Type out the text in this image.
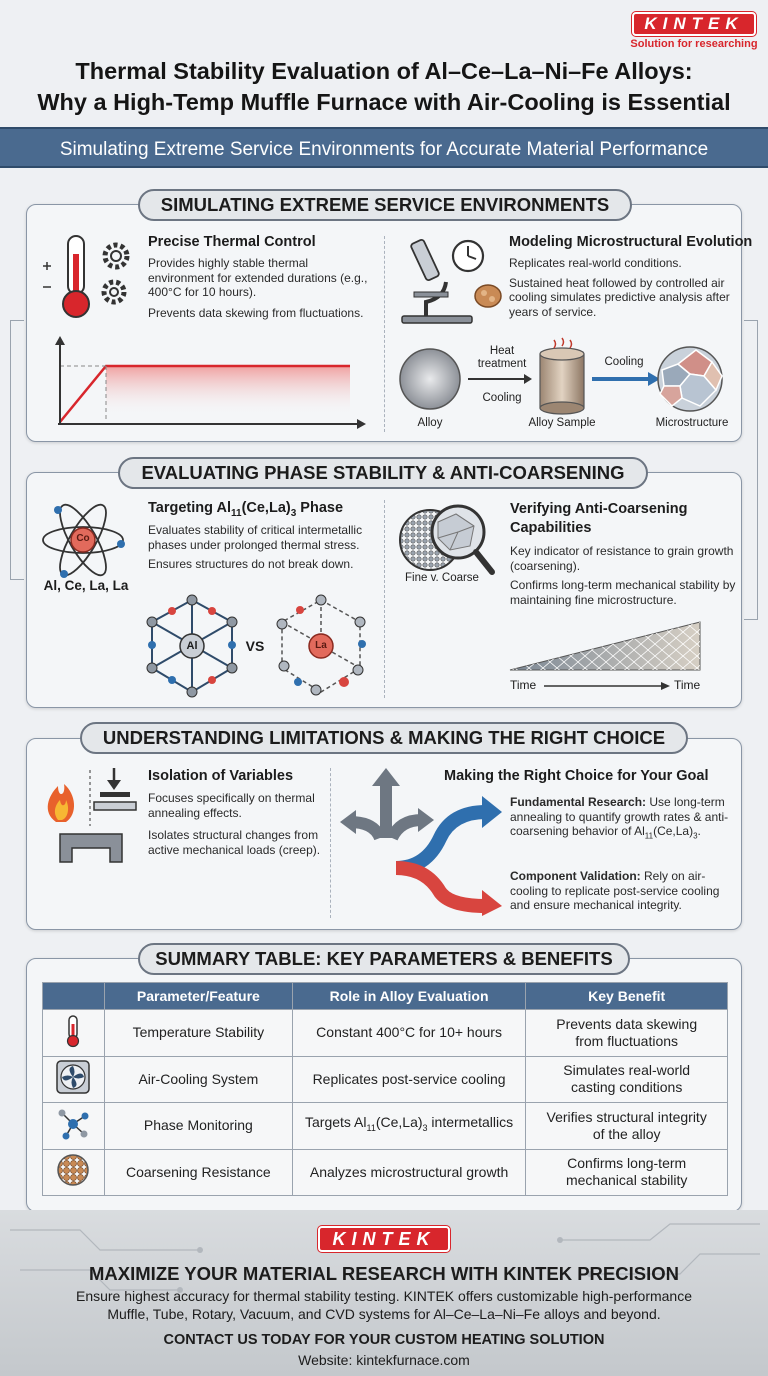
KINTEK
Solution for researching
Thermal Stability Evaluation of Al–Ce–La–Ni–Fe Alloys:
Why a High-Temp Muffle Furnace with Air-Cooling is Essential
Simulating Extreme Service Environments for Accurate Material Performance
SIMULATING EXTREME SERVICE ENVIRONMENTS
Precise Thermal Control
Provides highly stable thermal environment for extended durations (e.g., 400°C for 10 hours).
Prevents data skewing from fluctuations.
Modeling Microstructural Evolution
Replicates real-world conditions.
Sustained heat followed by controlled air cooling simulates predictive analysis after years of service.
Alloy
Heat
treatment
Cooling
Alloy Sample
Cooling
Microstructure
EVALUATING PHASE STABILITY & ANTI-COARSENING
Co
Al, Ce, La, La
Targeting $Al_{11}(Ce,La)_3$ Phase
Evaluates stability of critical intermetallic phases under prolonged thermal stress.
Ensures structures do not break down.
Al	VS	La
Fine v. Coarse
Verifying Anti-Coarsening
Capabilities
Key indicator of resistance to grain growth (coarsening).
Confirms long-term mechanical stability by maintaining fine microstructure.
Time	Time
UNDERSTANDING LIMITATIONS & MAKING THE RIGHT CHOICE
Isolation of Variables
Focuses specifically on thermal annealing effects.
Isolates structural changes from active mechanical loads (creep).
Making the Right Choice for Your Goal
Fundamental Research: Use long-term annealing to quantify growth rates & anti-coarsening behavior of $Al_{11}(Ce,La)_3$.
Component Validation: Rely on air-cooling to replicate post-service cooling and ensure mechanical integrity.
SUMMARY TABLE: KEY PARAMETERS & BENEFITS
	Parameter/Feature	Role in Alloy Evaluation	Key Benefit
	Temperature Stability	Constant 400°C for 10+ hours	Prevents data skewing
from fluctuations

	Air-Cooling System	Replicates post-service cooling	Simulates real-world
casting conditions

	Phase Monitoring	Targets $Al_{11}(Ce,La)_3$ intermetallics	Verifies structural integrity
of the alloy

	Coarsening Resistance	Analyzes microstructural growth	Confirms long-term
mechanical stability
KINTEK
MAXIMIZE YOUR MATERIAL RESEARCH WITH KINTEK PRECISION
Ensure highest accuracy for thermal stability testing. KINTEK offers customizable high-performance
Muffle, Tube, Rotary, Vacuum, and CVD systems for Al–Ce–La–Ni–Fe alloys and beyond.
CONTACT US TODAY FOR YOUR CUSTOM HEATING SOLUTION
Website: kintekfurnace.com
